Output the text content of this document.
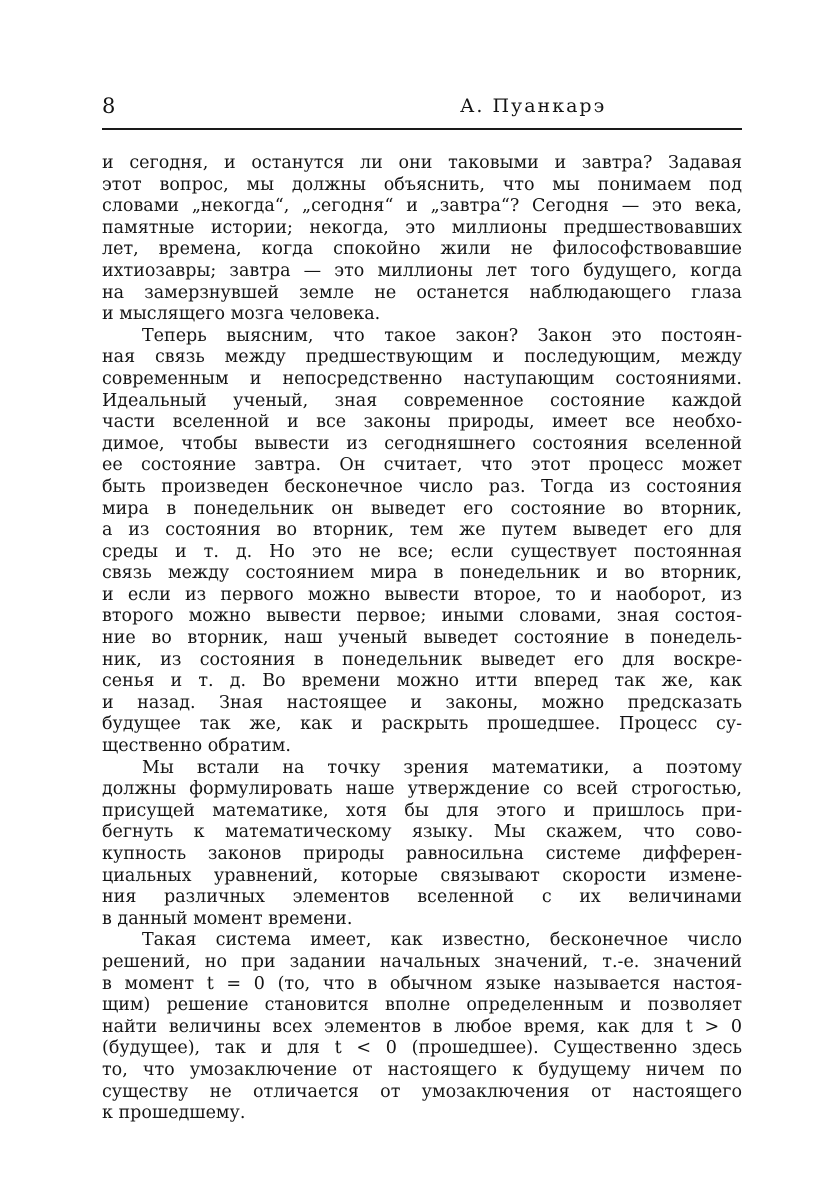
8	А. Пуанкарэ
и сегодня, и останутся ли они таковыми и завтра? Задавая
этот вопрос, мы должны объяснить, что мы понимаем под
словами „некогда“, „сегодня“ и „завтра“? Сегодня — это века,
памятные истории; некогда, это миллионы предшествовавших
лет, времена, когда спокойно жили не философствовавшие
ихтиозавры; завтра — это миллионы лет того будущего, когда
на замерзнувшей земле не останется наблюдающего глаза
и мыслящего мозга человека.
Теперь выясним, что такое закон? Закон это постоян-
ная связь между предшествующим и последующим, между
современным и непосредственно наступающим состояниями.
Идеальный ученый, зная современное состояние каждой
части вселенной и все законы природы, имеет все необхо-
димое, чтобы вывести из сегодняшнего состояния вселенной
ее состояние завтра. Он считает, что этот процесс может
быть произведен бесконечное число раз. Тогда из состояния
мира в понедельник он выведет его состояние во вторник,
а из состояния во вторник, тем же путем выведет его для
среды и т. д. Но это не все; если существует постоянная
связь между состоянием мира в понедельник и во вторник,
и если из первого можно вывести второе, то и наоборот, из
второго можно вывести первое; иными словами, зная состоя-
ние во вторник, наш ученый выведет состояние в понедель-
ник, из состояния в понедельник выведет его для воскре-
сенья и т. д. Во времени можно итти вперед так же, как
и назад. Зная настоящее и законы, можно предсказать
будущее так же, как и раскрыть прошедшее. Процесс су-
щественно обратим.
Мы встали на точку зрения математики, а поэтому
должны формулировать наше утверждение со всей строгостью,
присущей математике, хотя бы для этого и пришлось при-
бегнуть к математическому языку. Мы скажем, что сово-
купность законов природы равносильна системе дифферен-
циальных уравнений, которые связывают скорости измене-
ния различных элементов вселенной с их величинами
в данный момент времени.
Такая система имеет, как известно, бесконечное число
решений, но при задании начальных значений, т.-е. значений
в момент t = 0 (то, что в обычном языке называется настоя-
щим) решение становится вполне определенным и позволяет
найти величины всех элементов в любое время, как для t > 0
(будущее), так и для t < 0 (прошедшее). Существенно здесь
то, что умозаключение от настоящего к будущему ничем по
существу не отличается от умозаключения от настоящего
к прошедшему.
